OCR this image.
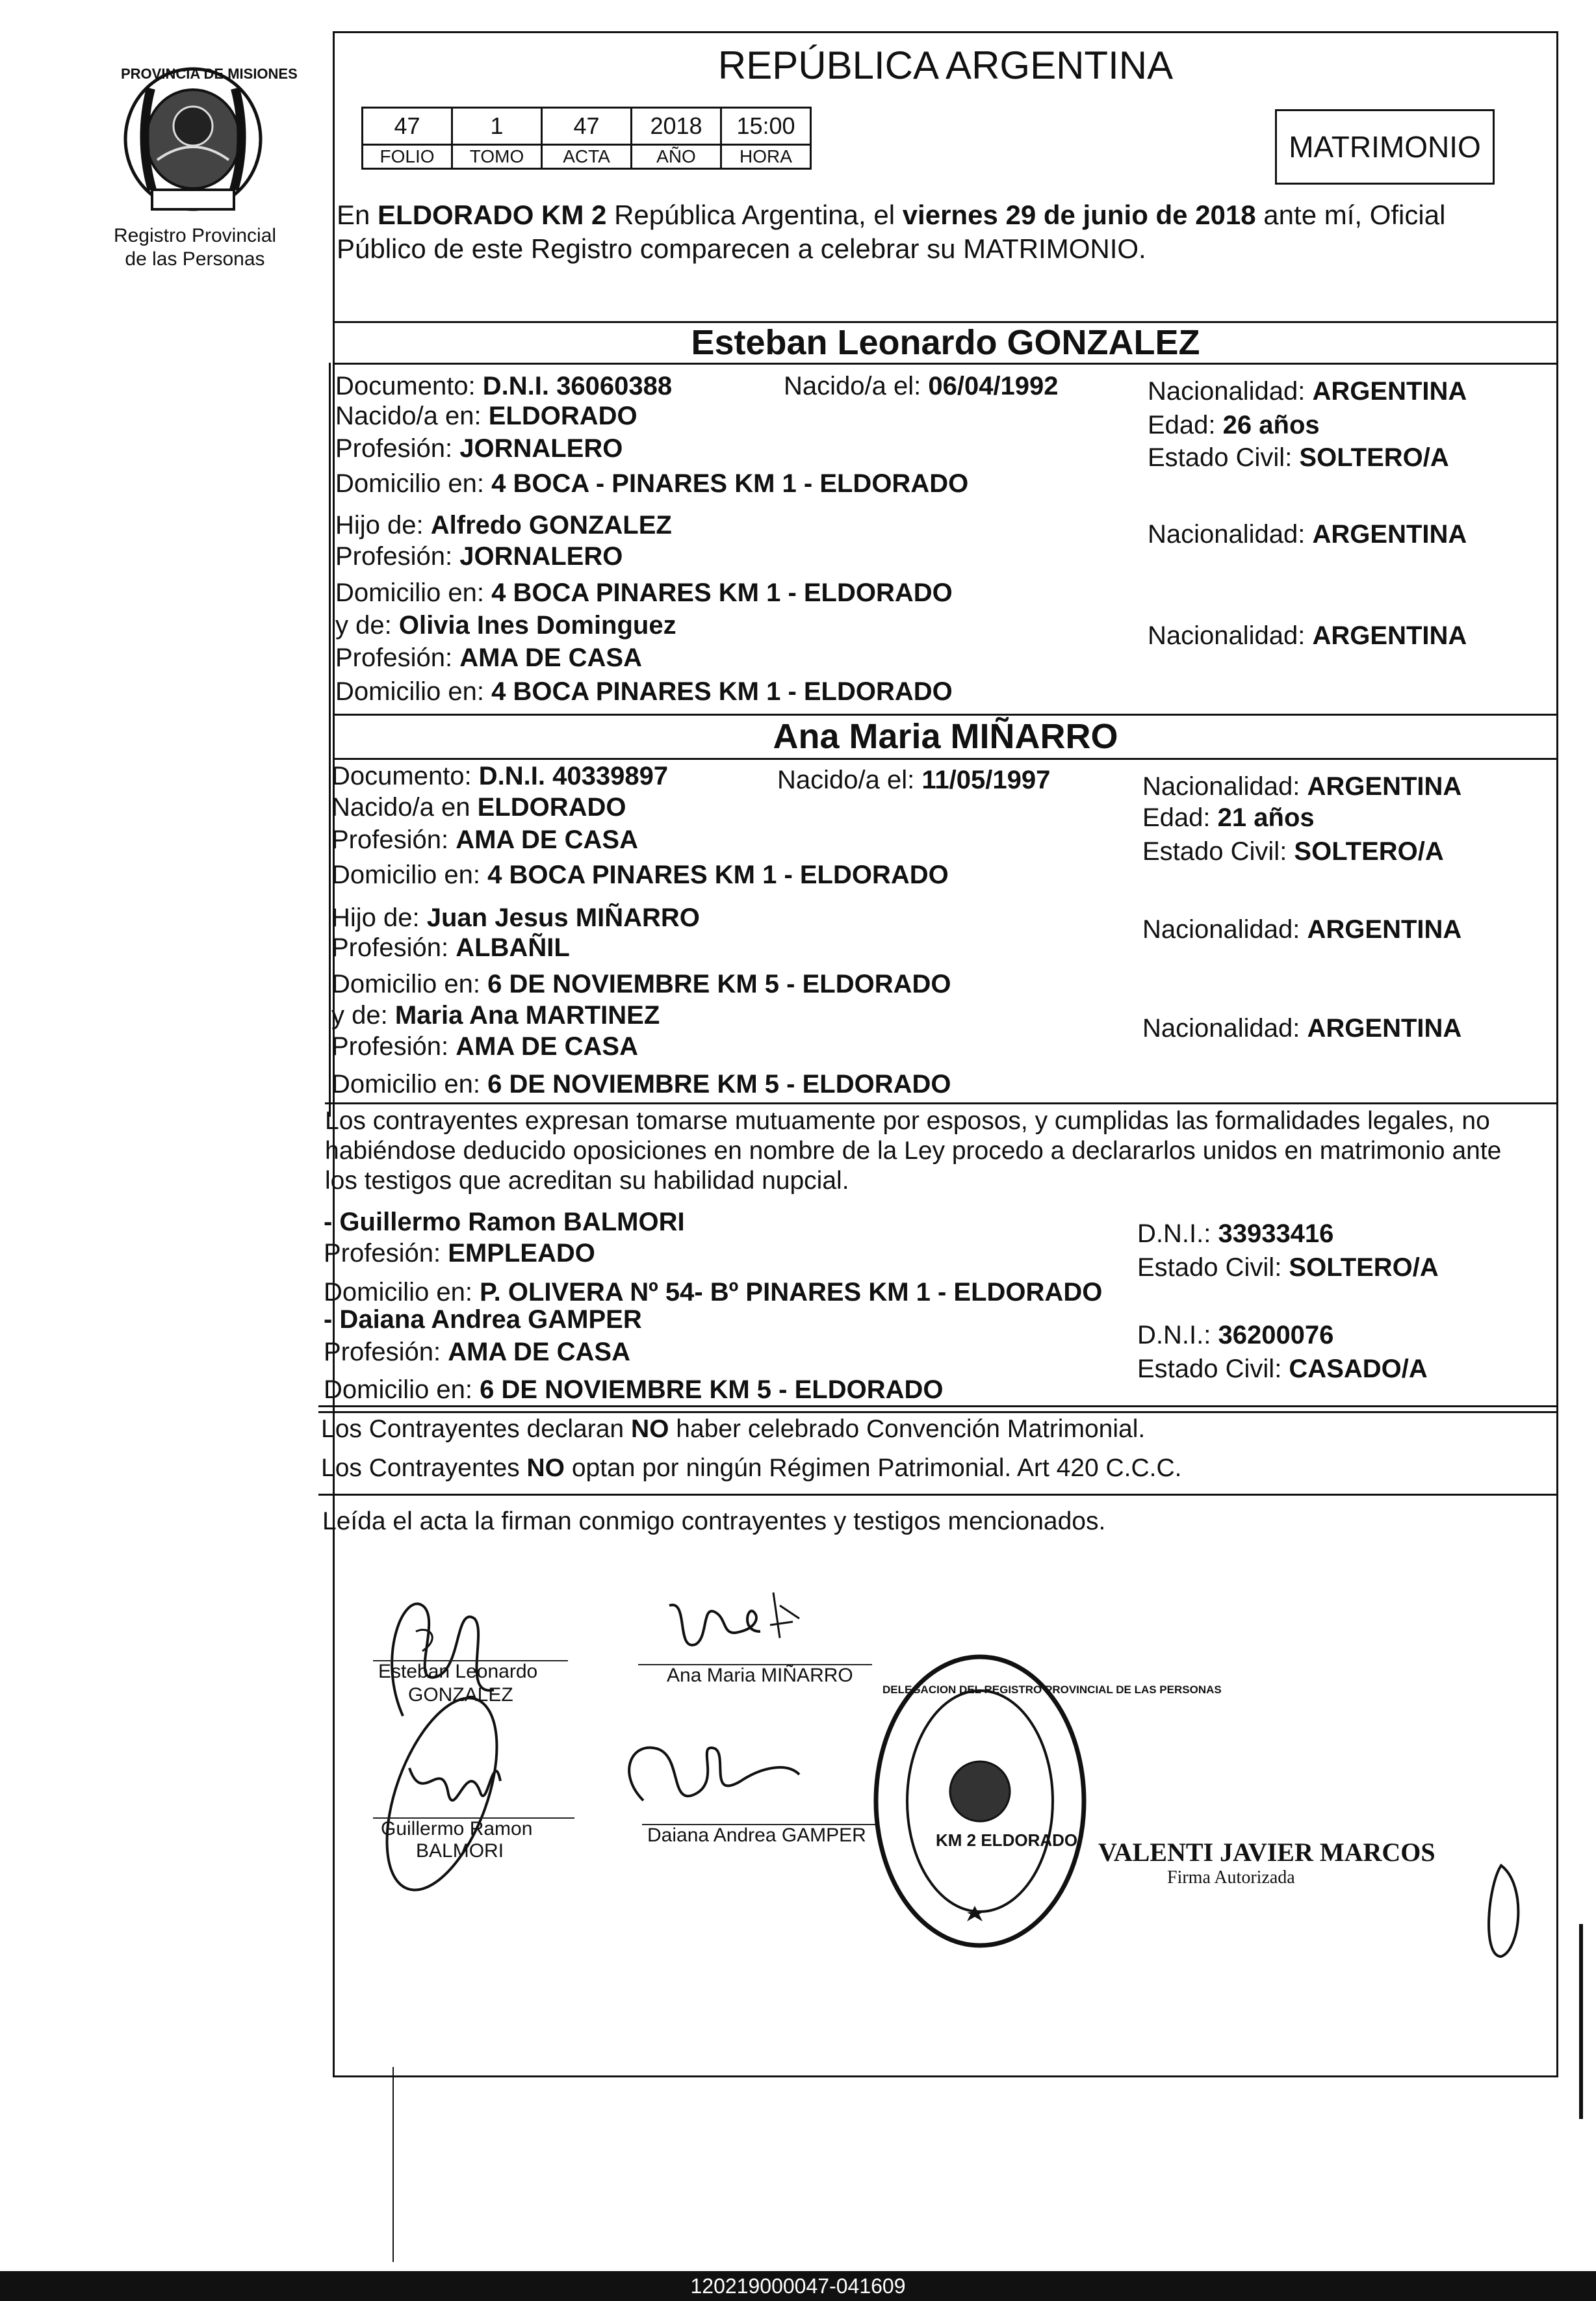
PROVINCIA DE MISIONES
Registro Provincial
de las Personas
REPÚBLICA ARGENTINA
47	1	47	2018	15:00
FOLIO	TOMO	ACTA	AÑO	HORA	MATRIMONIO
En ELDORADO KM 2 República Argentina, el viernes 29 de junio de 2018 ante mí, Oficial
Público de este Registro comparecen a celebrar su MATRIMONIO.
Esteban Leonardo GONZALEZ
Documento: D.N.I. 36060388	Nacido/a el: 06/04/1992	Nacionalidad: ARGENTINA
Nacido/a en: ELDORADO	Edad: 26 años
Profesión: JORNALERO	Estado Civil: SOLTERO/A
Domicilio en: 4 BOCA - PINARES KM 1 - ELDORADO
Hijo de: Alfredo GONZALEZ	Nacionalidad: ARGENTINA
Profesión: JORNALERO
Domicilio en: 4 BOCA PINARES KM 1 - ELDORADO
y de: Olivia Ines Dominguez	Nacionalidad: ARGENTINA
Profesión: AMA DE CASA
Domicilio en: 4 BOCA PINARES KM 1 - ELDORADO
Ana Maria MIÑARRO
Documento: D.N.I. 40339897	Nacido/a el: 11/05/1997	Nacionalidad: ARGENTINA
Nacido/a en ELDORADO	Edad: 21 años
Profesión: AMA DE CASA	Estado Civil: SOLTERO/A
Domicilio en: 4 BOCA PINARES KM 1 - ELDORADO
Hijo de: Juan Jesus MIÑARRO	Nacionalidad: ARGENTINA
Profesión: ALBAÑIL
Domicilio en: 6 DE NOVIEMBRE KM 5 - ELDORADO
y de: Maria Ana MARTINEZ	Nacionalidad: ARGENTINA
Profesión: AMA DE CASA
Domicilio en: 6 DE NOVIEMBRE KM 5 - ELDORADO
Los contrayentes expresan tomarse mutuamente por esposos, y cumplidas las formalidades legales, no
habiéndose deducido oposiciones en nombre de la Ley procedo a declararlos unidos en matrimonio ante
los testigos que acreditan su habilidad nupcial.
- Guillermo Ramon BALMORI	D.N.I.: 33933416
Profesión: EMPLEADO	Estado Civil: SOLTERO/A
Domicilio en: P. OLIVERA Nº 54- Bº PINARES KM 1 - ELDORADO
- Daiana Andrea GAMPER
D.N.I.: 36200076
Profesión: AMA DE CASA
Estado Civil: CASADO/A
Domicilio en: 6 DE NOVIEMBRE KM 5 - ELDORADO
Los Contrayentes declaran NO haber celebrado Convención Matrimonial.
Los Contrayentes NO optan por ningún Régimen Patrimonial. Art 420 C.C.C.
Leída el acta la firman conmigo contrayentes y testigos mencionados.
Esteban Leonardo
GONZALEZ
Ana Maria MIÑARRO
Guillermo Ramon
BALMORI
Daiana Andrea GAMPER
DELEGACION DEL REGISTRO PROVINCIAL DE LAS PERSONAS
KM 2 ELDORADO VALENTI JAVIER MARCOS
Firma Autorizada
120219000047-041609
